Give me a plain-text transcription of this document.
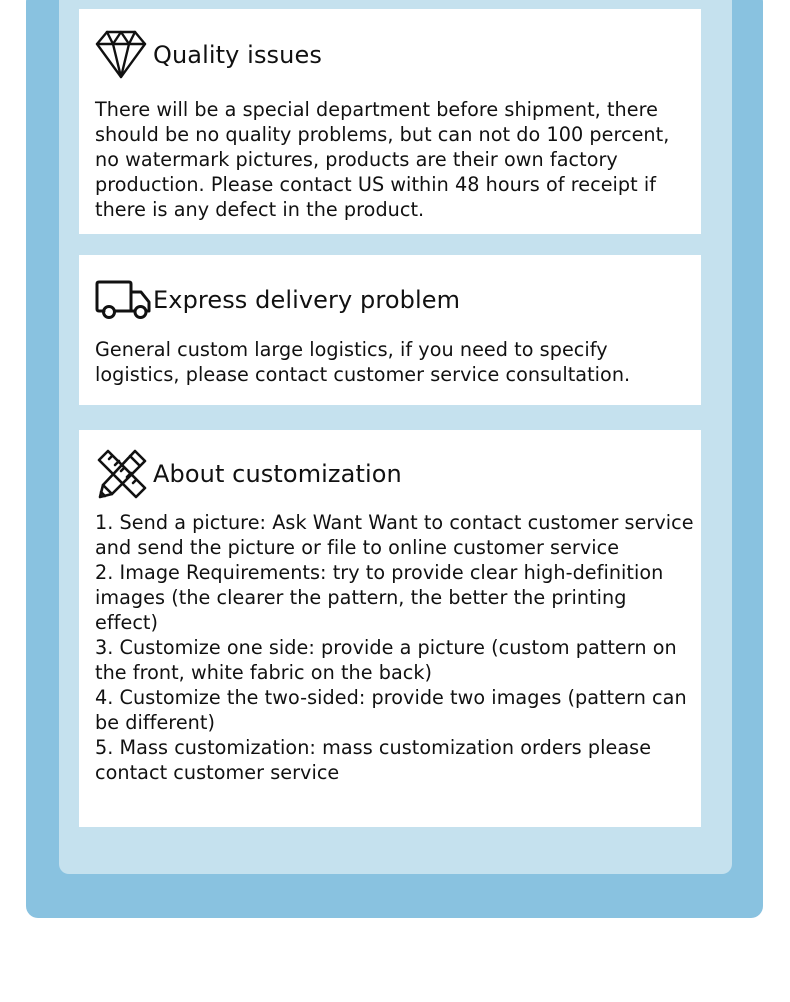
Quality issues

There will be a special department before shipment, there should be no quality problems, but can not do 100 percent, no watermark pictures, products are their own factory production. Please contact US within 48 hours of receipt if there is any defect in the product.

Express delivery problem

General custom large logistics, if you need to specify logistics, please contact customer service consultation.

About customization

1. Send a picture: Ask Want Want to contact customer service and send the picture or file to online customer service

2. Image Requirements: try to provide clear high-definition images (the clearer the pattern, the better the printing effect)

3. Customize one side: provide a picture (custom pattern on the front, white fabric on the back)

4. Customize the two-sided: provide two images (pattern can be different)

5. Mass customization: mass customization orders please contact customer service
